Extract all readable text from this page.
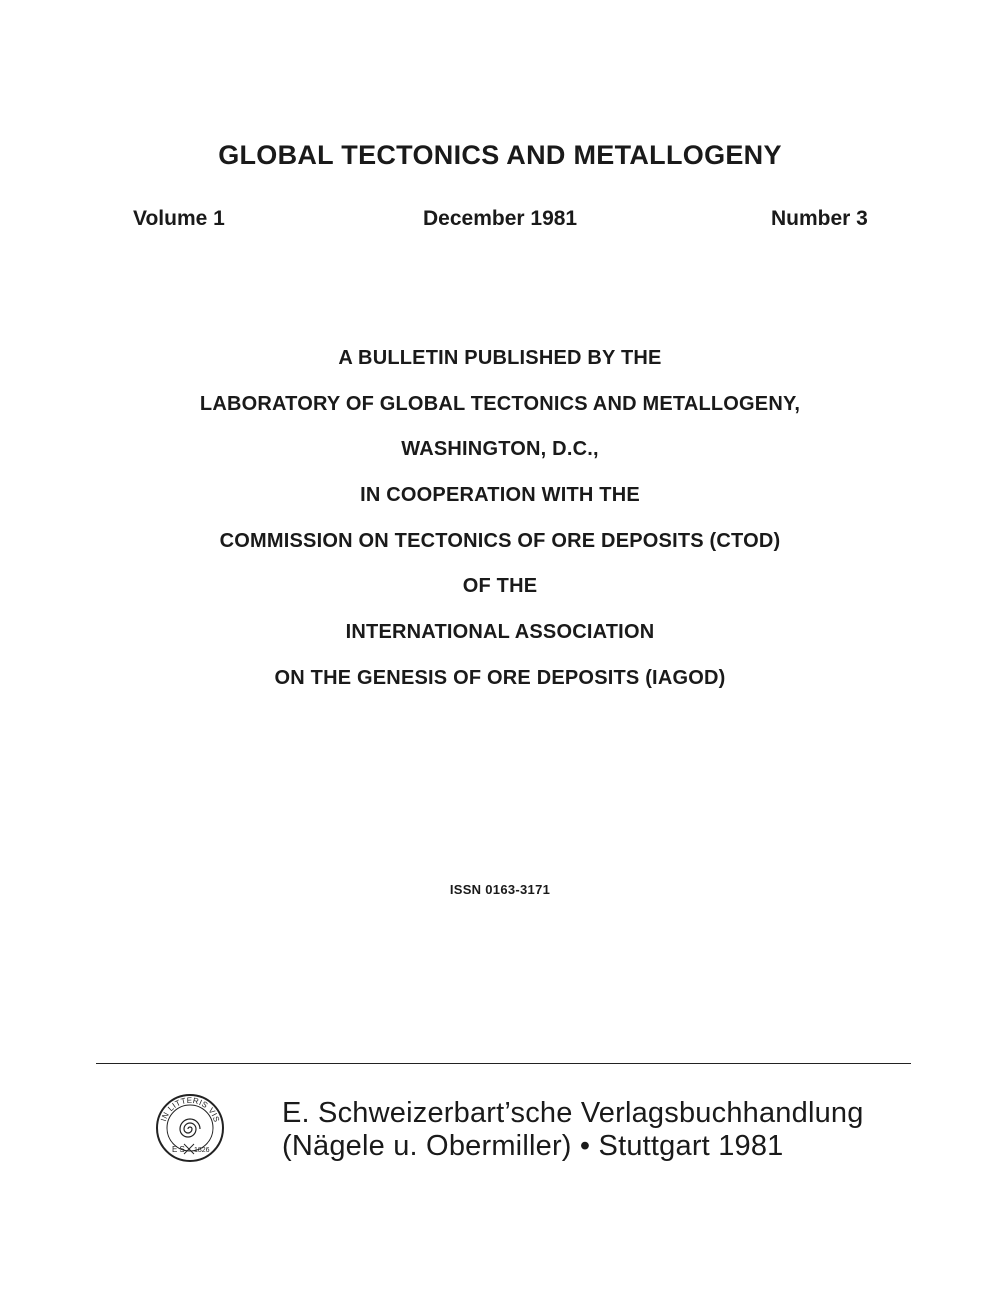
GLOBAL TECTONICS AND METALLOGENY
Volume 1	December 1981	Number 3
A BULLETIN PUBLISHED BY THE
LABORATORY OF GLOBAL TECTONICS AND METALLOGENY,
WASHINGTON, D.C.,
IN COOPERATION WITH THE
COMMISSION ON TECTONICS OF ORE DEPOSITS (CTOD)
OF THE
INTERNATIONAL ASSOCIATION
ON THE GENESIS OF ORE DEPOSITS (IAGOD)
ISSN 0163-3171
IN LITTERIS VIS
E S 1826
E. Schweizerbart’sche Verlagsbuchhandlung
(Nägele u. Obermiller) • Stuttgart 1981
